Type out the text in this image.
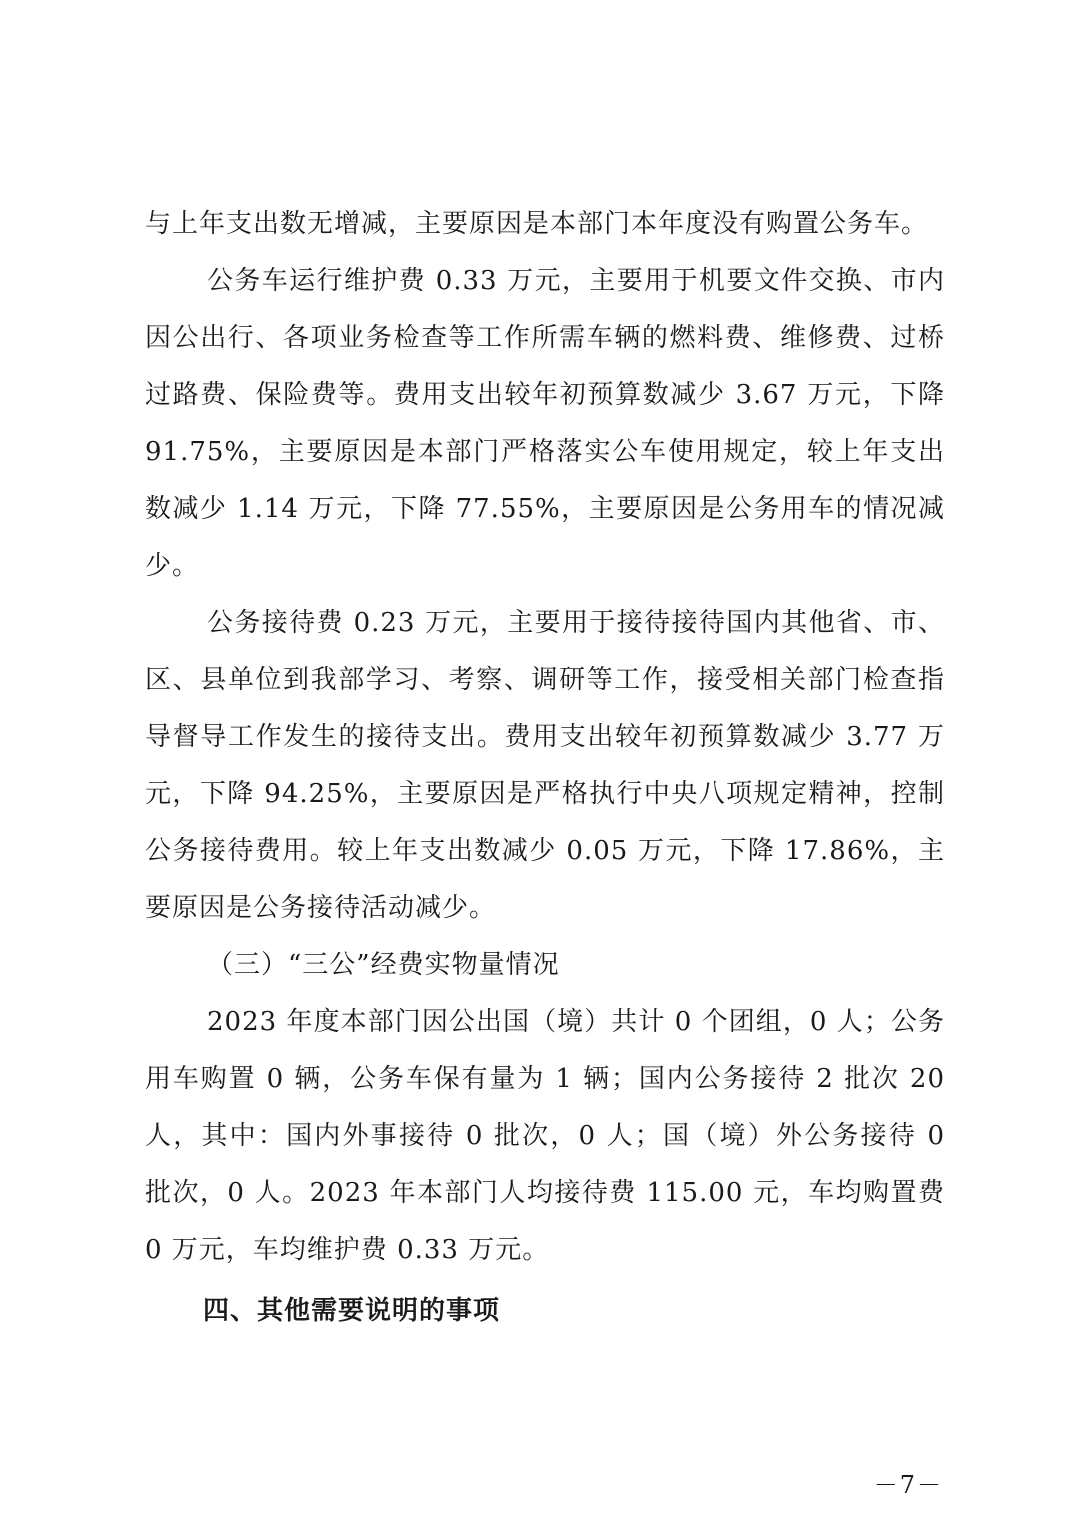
与上年支出数无增减，主要原因是本部门本年度没有购置公务车。

公务车运行维护费 0.33 万元，主要用于机要文件交换、市内因公出行、各项业务检查等工作所需车辆的燃料费、维修费、过桥过路费、保险费等。费用支出较年初预算数减少 3.67 万元，下降 91.75%，主要原因是本部门严格落实公车使用规定，较上年支出数减少 1.14 万元，下降 77.55%，主要原因是公务用车的情况减少。

公务接待费 0.23 万元，主要用于接待接待国内其他省、市、区、县单位到我部学习、考察、调研等工作，接受相关部门检查指导督导工作发生的接待支出。费用支出较年初预算数减少 3.77 万元，下降 94.25%，主要原因是严格执行中央八项规定精神，控制公务接待费用。较上年支出数减少 0.05 万元，下降 17.86%，主要原因是公务接待活动减少。

（三）“三公”经费实物量情况

2023 年度本部门因公出国（境）共计 0 个团组，0 人；公务用车购置 0 辆，公务车保有量为 1 辆；国内公务接待 2 批次 20 人，其中：国内外事接待 0 批次，0 人；国（境）外公务接待 0 批次，0 人。2023 年本部门人均接待费 115.00 元，车均购置费 0 万元，车均维护费 0.33 万元。

四、其他需要说明的事项
－7－
